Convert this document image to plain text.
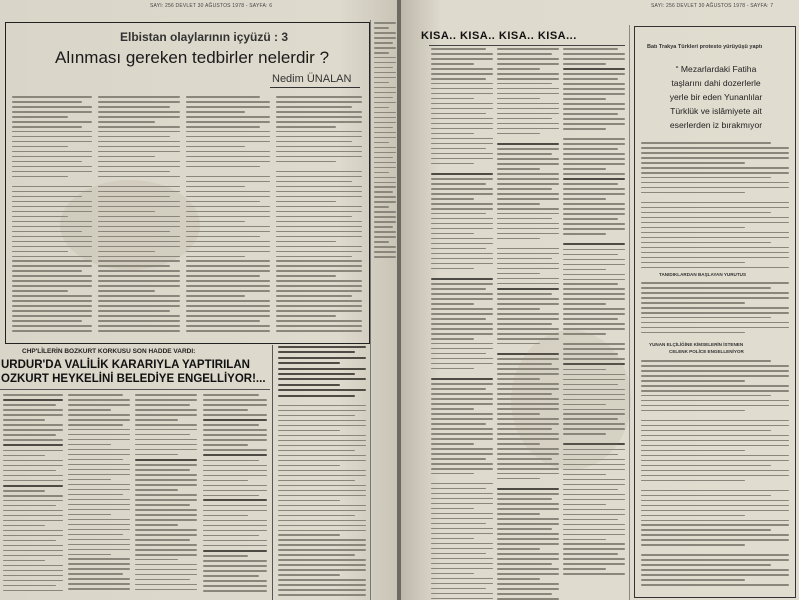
SAYI: 256 DEVLET 30 AĞUSTOS 1978 - SAYFA: 6
Elbistan olaylarının içyüzü : 3
Alınması gereken tedbirler nelerdir ?
Nedim ÜNALAN
CHP'LİLERİN BOZKURT KORKUSU SON HADDE VARDI:
URDUR'DA VALİLİK KARARIYLA YAPTIRILAN
OZKURT HEYKELİNİ BELEDİYE ENGELLİYOR!...
SAYI: 256 DEVLET 30 AĞUSTOS 1978 - SAYFA: 7
KISA.. KISA.. KISA.. KISA...
Batı Trakya Türkleri protesto yürüyüşü yaptı
“ Mezarlardaki Fatiha
taşlarını dahi dozerlerle
yerle bir eden Yunanlılar
Türklük ve islâmiyete ait
eserlerden iz bırakmıyor
TANIDIKLARDAN BAŞLAYAN YURUTUS
YUNAN ELÇİLİĞİNE KİMSELERİN İSTENEN
CELENK POLİCE ENGELLENİYOR
